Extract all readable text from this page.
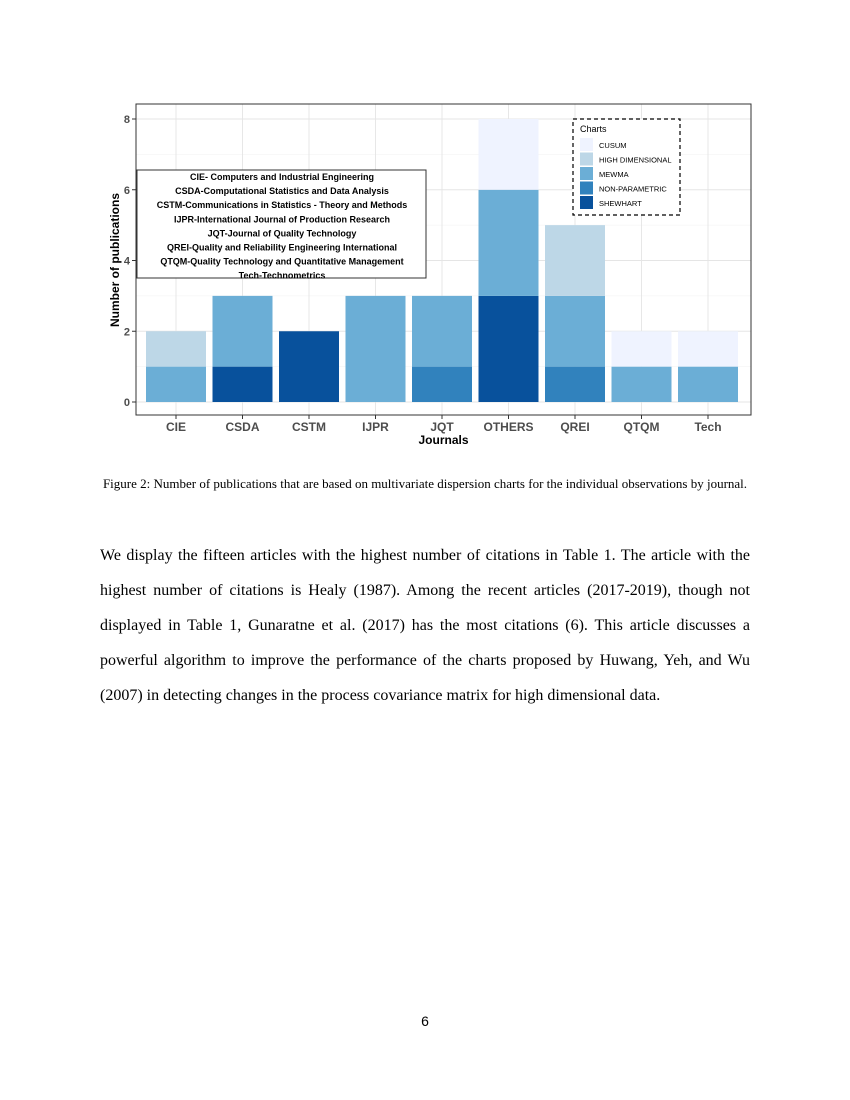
0
2
4
6
8
CIE	CSDA	CSTM	IJPR	JQT OTHERS QREI	QTQM	Tech
Journals
Number of publications
CIE- Computers and Industrial Engineering
CSDA-Computational Statistics and Data Analysis
CSTM-Communications in Statistics - Theory and Methods
IJPR-International Journal of Production Research
JQT-Journal of Quality Technology
QREI-Quality and Reliability Engineering International
QTQM-Quality Technology and Quantitative Management
Tech-Technometrics
Charts
CUSUM
HIGH DIMENSIONAL
MEWMA
NON-PARAMETRIC
SHEWHART
Figure 2: Number of publications that are based on multivariate dispersion charts for the individual observations by journal.

We display the fifteen articles with the highest number of citations in Table 1. The article with the highest number of citations is Healy (1987). Among the recent articles (2017-2019), though not displayed in Table 1, Gunaratne et al. (2017) has the most citations (6). This article discusses a powerful algorithm to improve the performance of the charts proposed by Huwang, Yeh, and Wu (2007) in detecting changes in the process covariance matrix for high dimensional data.

6
